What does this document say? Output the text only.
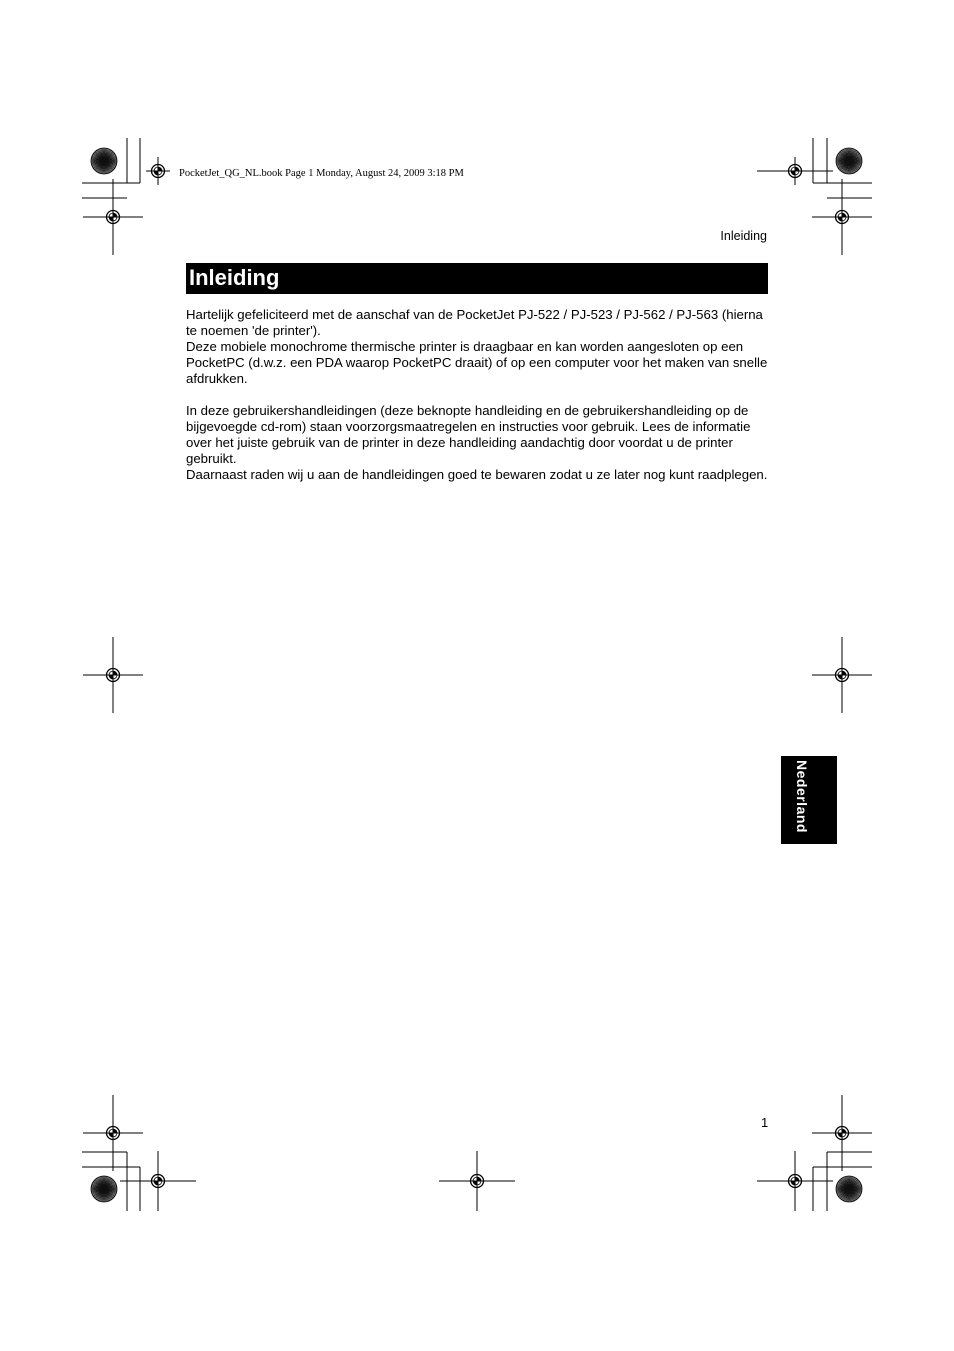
PocketJet_QG_NL.book Page 1 Monday, August 24, 2009 3:18 PM
Inleiding
Inleiding

Hartelijk gefeliciteerd met de aanschaf van de PocketJet PJ-522 / PJ-523 / PJ-562 / PJ-563 (hierna te noemen 'de printer').

Deze mobiele monochrome thermische printer is draagbaar en kan worden aangesloten op een PocketPC (d.w.z. een PDA waarop PocketPC draait) of op een computer voor het maken van snelle afdrukken.

In deze gebruikershandleidingen (deze beknopte handleiding en de gebruikershandleiding op de bijgevoegde cd-rom) staan voorzorgsmaatregelen en instructies voor gebruik. Lees de informatie over het juiste gebruik van de printer in deze handleiding aandachtig door voordat u de printer gebruikt.

Daarnaast raden wij u aan de handleidingen goed te bewaren zodat u ze later nog kunt raadplegen.

Nederland
1
